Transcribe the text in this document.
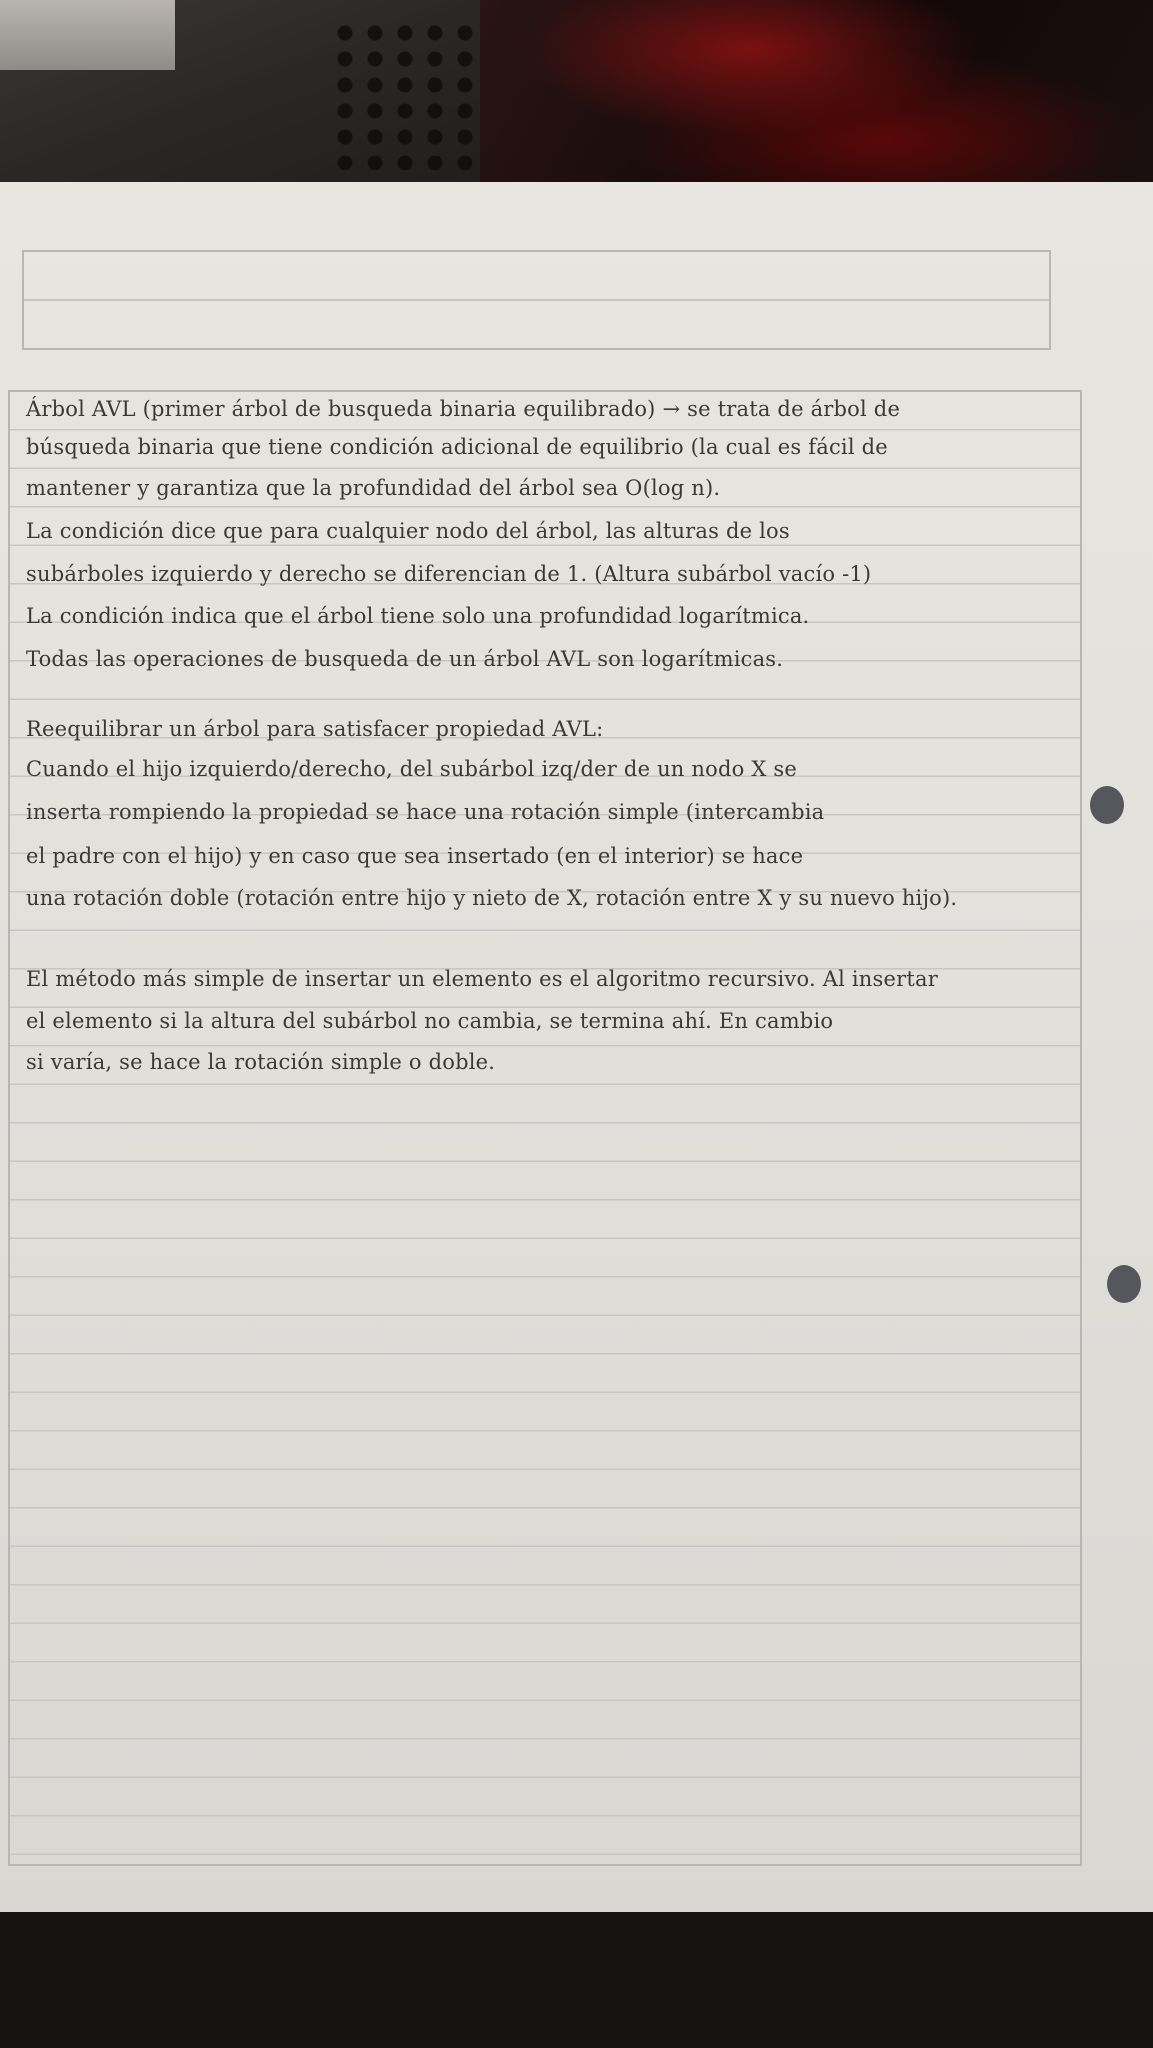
Árbol AVL (primer árbol de busqueda binaria equilibrado) → se trata de árbol de
búsqueda binaria que tiene condición adicional de equilibrio (la cual es fácil de
mantener y garantiza que la profundidad del árbol sea O(log n).
La condición dice que para cualquier nodo del árbol, las alturas de los
subárboles izquierdo y derecho se diferencian de 1. (Altura subárbol vacío -1)
La condición indica que el árbol tiene solo una profundidad logarítmica.
Todas las operaciones de busqueda de un árbol AVL son logarítmicas.
Reequilibrar un árbol para satisfacer propiedad AVL:
Cuando el hijo izquierdo/derecho, del subárbol izq/der de un nodo X se
inserta rompiendo la propiedad se hace una rotación simple (intercambia
el padre con el hijo) y en caso que sea insertado (en el interior) se hace
una rotación doble (rotación entre hijo y nieto de X, rotación entre X y su nuevo hijo).
El método más simple de insertar un elemento es el algoritmo recursivo. Al insertar
el elemento si la altura del subárbol no cambia, se termina ahí. En cambio
si varía, se hace la rotación simple o doble.
